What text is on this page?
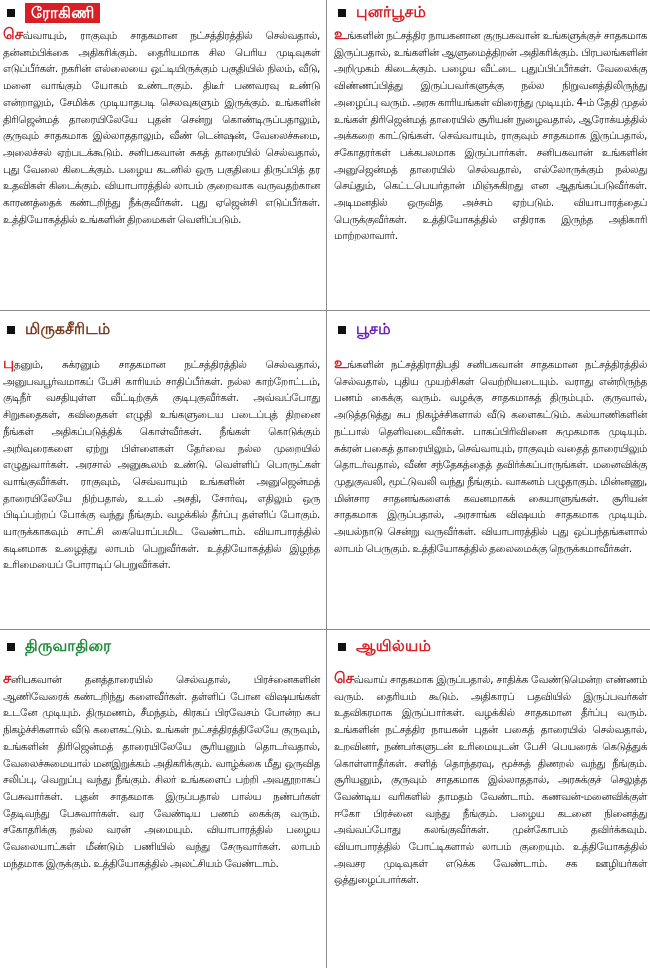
ரோகிணி
செவ்வாயும், ராகுவும் சாதகமான நட்சத்திரத்தில் செல்வதால், தன்னம்பிக்கை அதிகரிக்கும். தைரியமாக சில பெரிய முடிவுகள் எடுப்பீர்கள். நகரின் எல்லையை ஒட்டியிருக்கும் பகுதியில் நிலம், வீடு, மனை வாங்கும் யோகம் உண்டாகும். திடீர் பணவரவு உண்டு என்றாலும், சேமிக்க முடியாதபடி செலவுகளும் இருக்கும். உங்களின் திரிஜென்மத் தாரையிலேயே புதன் சென்று கொண்டிருப்பதாலும், குருவும் சாதகமாக இல்லாததாலும், வீண் டென்ஷன், வேலைச்சுமை, அலைச்சல் ஏற்படக்கூடும். சனிபகவான் சுகத் தாரையில் செல்வதால், புது வேலை கிடைக்கும். பழைய கடனில் ஒரு பகுதியை திருப்பித் தர உதவிகள் கிடைக்கும். வியாபாரத்தில் லாபம் குறைவாக வருவதற்கான காரணத்தைக் கண்டறிந்து நீக்குவீர்கள். புது ஏஜென்சி எடுப்பீர்கள். உத்தியோகத்தில் உங்களின் திறமைகள் வெளிப்படும்.
புனர்பூசம்
உங்களின் நட்சத்திர நாயகனான குருபகவான் உங்களுக்குச் சாதகமாக இருப்பதால், உங்களின் ஆளுமைத்திறன் அதிகரிக்கும். பிரபலங்களின் அறிமுகம் கிடைக்கும். பழைய வீட்டை புதுப்பிப்பீர்கள். வேலைக்கு விண்ணப்பித்து இருப்பவர்களுக்கு நல்ல நிறுவனத்திலிருந்து அழைப்பு வரும். அரசு காரியங்கள் விரைந்து முடியும். 4-ம் தேதி முதல் உங்கள் திரிஜென்மத் தாரையில் சூரியன் நுழைவதால், ஆரோக்யத்தில் அக்கறை காட்டுங்கள். செவ்வாயும், ராகுவும் சாதகமாக இருப்பதால், சகோதரர்கள் பக்கபலமாக இருப்பார்கள். சனிபகவான் உங்களின் அனுஜென்மத் தாரையில் செல்வதால், எல்லோருக்கும் நல்லது செய்தும், கெட்டபெயர்தான் மிஞ்சுகிறது என ஆதங்கப்படுவீர்கள். அடிமனதில் ஒருவித அச்சம் ஏற்படும். வியாபாரத்தைப் பெருக்குவீர்கள். உத்தியோகத்தில் எதிராக இருந்த அதிகாரி மாற்றலாவார்.
மிருகசீரிடம்
புதனும், சுக்ரனும் சாதகமான நட்சத்திரத்தில் செல்வதால், அனுபவபூர்வமாகப் பேசி காரியம் சாதிப்பீர்கள். நல்ல காற்றோட்டம், குடிநீர் வசதியுள்ள வீட்டிற்குக் குடிபுகுவீர்கள். அவ்வப்போது சிறுகதைகள், கவிதைகள் எழுதி உங்களுடைய படைப்புத் திறனை நீங்கள் அதிகப்படுத்திக் கொள்வீர்கள். நீங்கள் கொடுக்கும் அறிவுரைகளை ஏற்று பிள்ளைகள் தேர்வை நல்ல முறையில் எழுதுவார்கள். அரசால் அனுகூலம் உண்டு. வெள்ளிப் பொருட்கள் வாங்குவீர்கள். ராகுவும், செவ்வாயும் உங்களின் அனுஜென்மத் தாரையிலேயே நிற்பதால், உடல் அசதி, சோர்வு, எதிலும் ஒரு பிடிப்பற்றப் போக்கு வந்து நீங்கும். வழக்கில் தீர்ப்பு தள்ளிப் போகும். யாருக்காகவும் சாட்சி கையொப்பமிட வேண்டாம். வியாபாரத்தில் கடினமாக உழைத்து லாபம் பெறுவீர்கள். உத்தியோகத்தில் இழந்த உரிமையைப் போராடிப் பெறுவீர்கள்.
பூசம்
உங்களின் நட்சத்திராதிபதி சனிபகவான் சாதகமான நட்சத்திரத்தில் செல்வதால், புதிய முயற்சிகள் வெற்றியடையும். வராது என்றிருந்த பணம் கைக்கு வரும். வழக்கு சாதகமாகத் திரும்பும். குருவால், அடுத்தடுத்து சுப நிகழ்ச்சிகளால் வீடு களைகட்டும். கல்யாணிகளின் நட்பால் தெளிவடைவீர்கள். பாகப்பிரிவினை சுமுகமாக முடியும். சுக்ரன் பகைத் தாரையிலும், செவ்வாயும், ராகுவும் வதைத் தாரையிலும் தொடர்வதால், வீண் சந்தேகத்தைத் தவிர்க்கப்பாருங்கள். மனைவிக்கு முதுகுவலி, மூட்டுவலி வந்து நீங்கும். வாகனம் பழுதாகும். மின்னணு, மின்சார சாதனங்களைக் கவனமாகக் கையாளுங்கள். சூரியன் சாதகமாக இருப்பதால், அரசாங்க விஷயம் சாதகமாக முடியும். அயல்நாடு சென்று வருவீர்கள். வியாபாரத்தில் புது ஒப்பந்தங்களால் லாபம் பெருகும். உத்தியோகத்தில் தலைமைக்கு நெருக்கமாவீர்கள்.
திருவாதிரை
சனிபகவான் தனத்தாரையில் செல்வதால், பிரச்னைகளின் ஆணிவேரைக் கண்டறிந்து களைவீர்கள். தள்ளிப் போன விஷயங்கள் உடனே முடியும். திருமணம், சீமந்தம், கிரகப் பிரவேசம் போன்ற சுப நிகழ்ச்சிகளால் வீடு களைகட்டும். உங்கள் நட்சத்திரத்திலேயே குருவும், உங்களின் திரிஜென்மத் தாரையிலேயே சூரியனும் தொடர்வதால், வேலைச்சுமையால் மனஇறுக்கம் அதிகரிக்கும். வாழ்க்கை மீது ஒருவித சலிப்பு, வெறுப்பு வந்து நீங்கும். சிலர் உங்களைப் பற்றி அவதூறாகப் பேசுவார்கள். புதன் சாதகமாக இருப்பதால் பால்ய நண்பர்கள் தேடிவந்து பேசுவார்கள். வர வேண்டிய பணம் கைக்கு வரும். சகோதரிக்கு நல்ல வரன் அமையும். வியாபாரத்தில் பழைய வேலையாட்கள் மீண்டும் பணியில் வந்து சேருவார்கள். லாபம் மந்தமாக இருக்கும். உத்தியோகத்தில் அலட்சியம் வேண்டாம்.
ஆயில்யம்
செவ்வாய் சாதகமாக இருப்பதால், சாதிக்க வேண்டுமென்ற எண்ணம் வரும். தைரியம் கூடும். அதிகாரப் பதவியில் இருப்பவர்கள் உதவிகரமாக இருப்பார்கள். வழக்கில் சாதகமான தீர்ப்பு வரும். உங்களின் நட்சத்திர நாயகன் புதன் பகைத் தாரையில் செல்வதால், உறவினர், நண்பர்களுடன் உரிமையுடன் பேசி பெயரைக் கெடுத்துக் கொள்ளாதீர்கள். சளித் தொந்தரவு, மூச்சுத் திணறல் வந்து நீங்கும். சூரியனும், குருவும் சாதகமாக இல்லாததால், அரசுக்குச் செலுத்த வேண்டிய வரிகளில் தாமதம் வேண்டாம். கணவன்-மனைவிக்குள் ஈகோ பிரச்னை வந்து நீங்கும். பழைய கடனை நினைத்து அவ்வப்போது கலங்குவீர்கள். முன்கோபம் தவிர்க்கவும். வியாபாரத்தில் போட்டிகளால் லாபம் குறையும். உத்தியோகத்தில் அவசர முடிவுகள் எடுக்க வேண்டாம். சக ஊழியர்கள் ஒத்துழைப்பார்கள்.
